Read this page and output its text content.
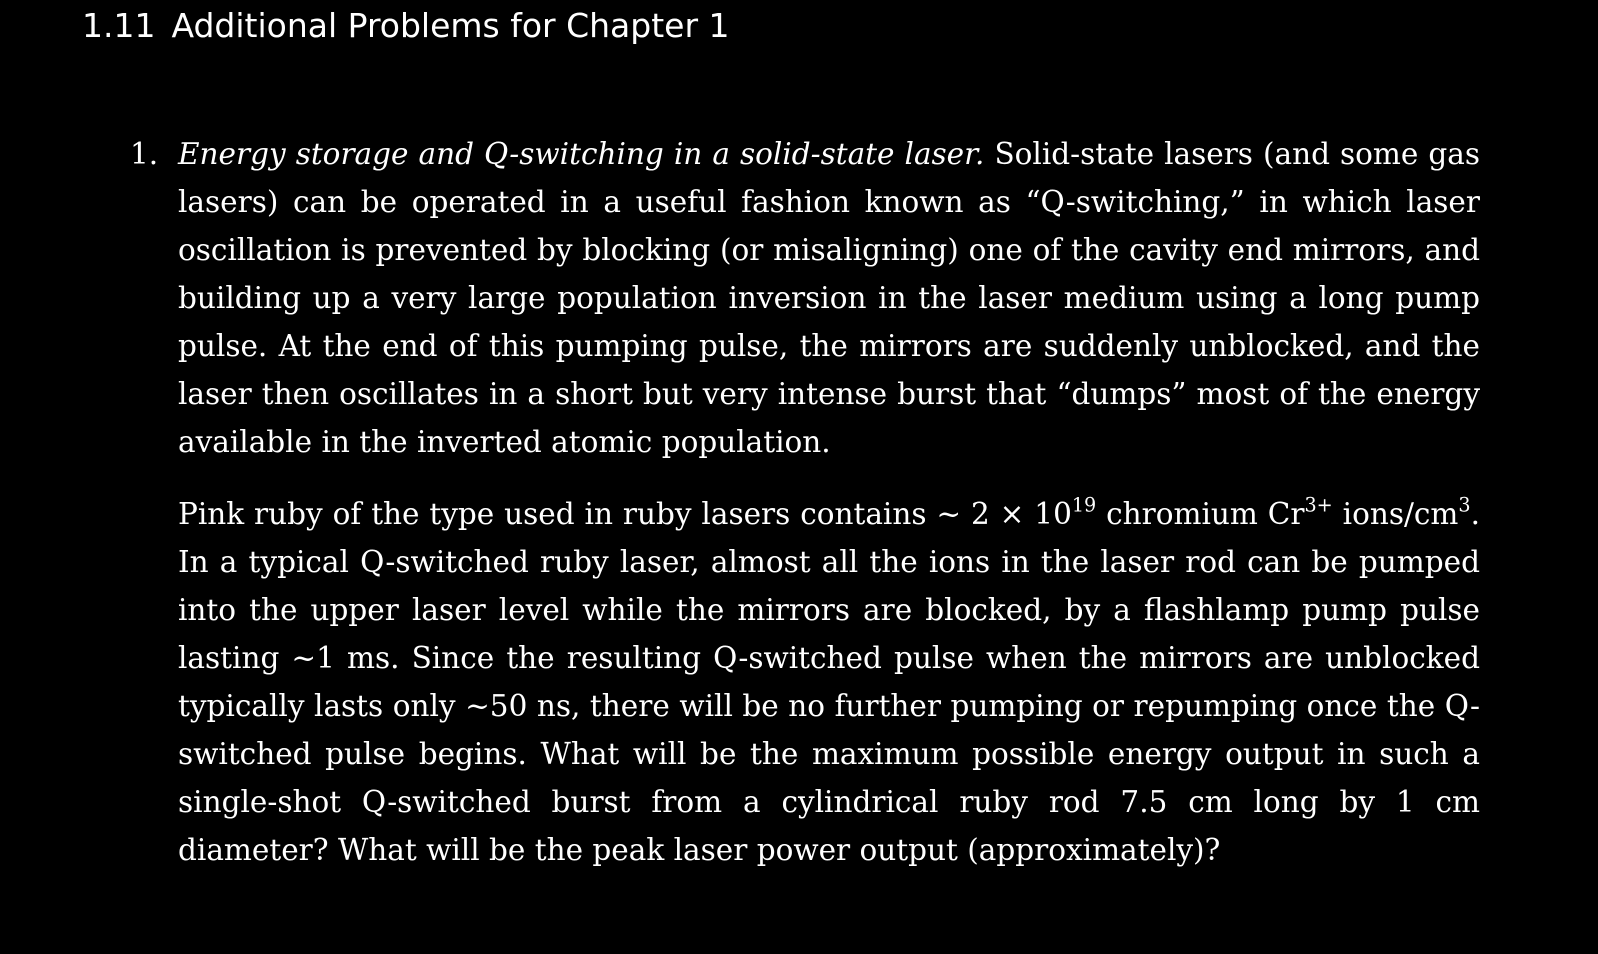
1.11 Additional Problems for Chapter 1
1. Energy storage and Q-switching in a solid-state laser. Solid-state lasers (and some gas lasers) can be operated in a useful fashion known as “Q-switching,” in which laser oscillation is prevented by blocking (or misaligning) one of the cavity end mirrors, and building up a very large population inversion in the laser medium using a long pump pulse. At the end of this pumping pulse, the mirrors are suddenly unblocked, and the laser then oscillates in a short but very intense burst that “dumps” most of the energy available in the inverted atomic population.

Pink ruby of the type used in ruby lasers contains ∼ $2 \times 10^{19}$ chromium $Cr^{3+}$ ions/$cm^3$. In a typical Q-switched ruby laser, almost all the ions in the laser rod can be pumped into the upper laser level while the mirrors are blocked, by a flashlamp pump pulse lasting ∼1 ms. Since the resulting Q-switched pulse when the mirrors are unblocked typically lasts only ∼50 ns, there will be no further pumping or repumping once the Q-switched pulse begins. What will be the maximum possible energy output in such a single-shot Q-switched burst from a cylindrical ruby rod 7.5 cm long by 1 cm diameter? What will be the peak laser power output (approximately)?
